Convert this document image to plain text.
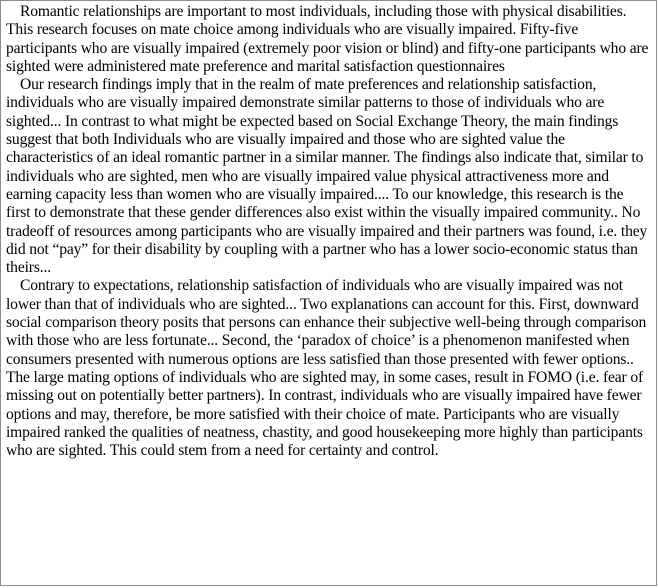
Romantic relationships are important to most individuals, including those with physical disabilities. This research focuses on mate choice among individuals who are visually impaired. Fifty-five participants who are visually impaired (extremely poor vision or blind) and fifty-one participants who are sighted were administered mate preference and marital satisfaction questionnaires

Our research findings imply that in the realm of mate preferences and relationship satisfaction, individuals who are visually impaired demonstrate similar patterns to those of individuals who are sighted... In contrast to what might be expected based on Social Exchange Theory, the main findings suggest that both Individuals who are visually impaired and those who are sighted value the characteristics of an ideal romantic partner in a similar manner. The findings also indicate that, similar to individuals who are sighted, men who are visually impaired value physical attractiveness more and earning capacity less than women who are visually impaired.... To our knowledge, this research is the first to demonstrate that these gender differences also exist within the visually impaired community.. No tradeoff of resources among participants who are visually impaired and their partners was found, i.e. they did not “pay” for their disability by coupling with a partner who has a lower socio-economic status than theirs...

Contrary to expectations, relationship satisfaction of individuals who are visually impaired was not lower than that of individuals who are sighted... Two explanations can account for this. First, downward social comparison theory posits that persons can enhance their subjective well-being through comparison with those who are less fortunate... Second, the ‘paradox of choice’ is a phenomenon manifested when consumers presented with numerous options are less satisfied than those presented with fewer options.. The large mating options of individuals who are sighted may, in some cases, result in FOMO (i.e. fear of missing out on potentially better partners). In contrast, individuals who are visually impaired have fewer options and may, therefore, be more satisfied with their choice of mate. Participants who are visually impaired ranked the qualities of neatness, chastity, and good housekeeping more highly than participants who are sighted. This could stem from a need for certainty and control.
